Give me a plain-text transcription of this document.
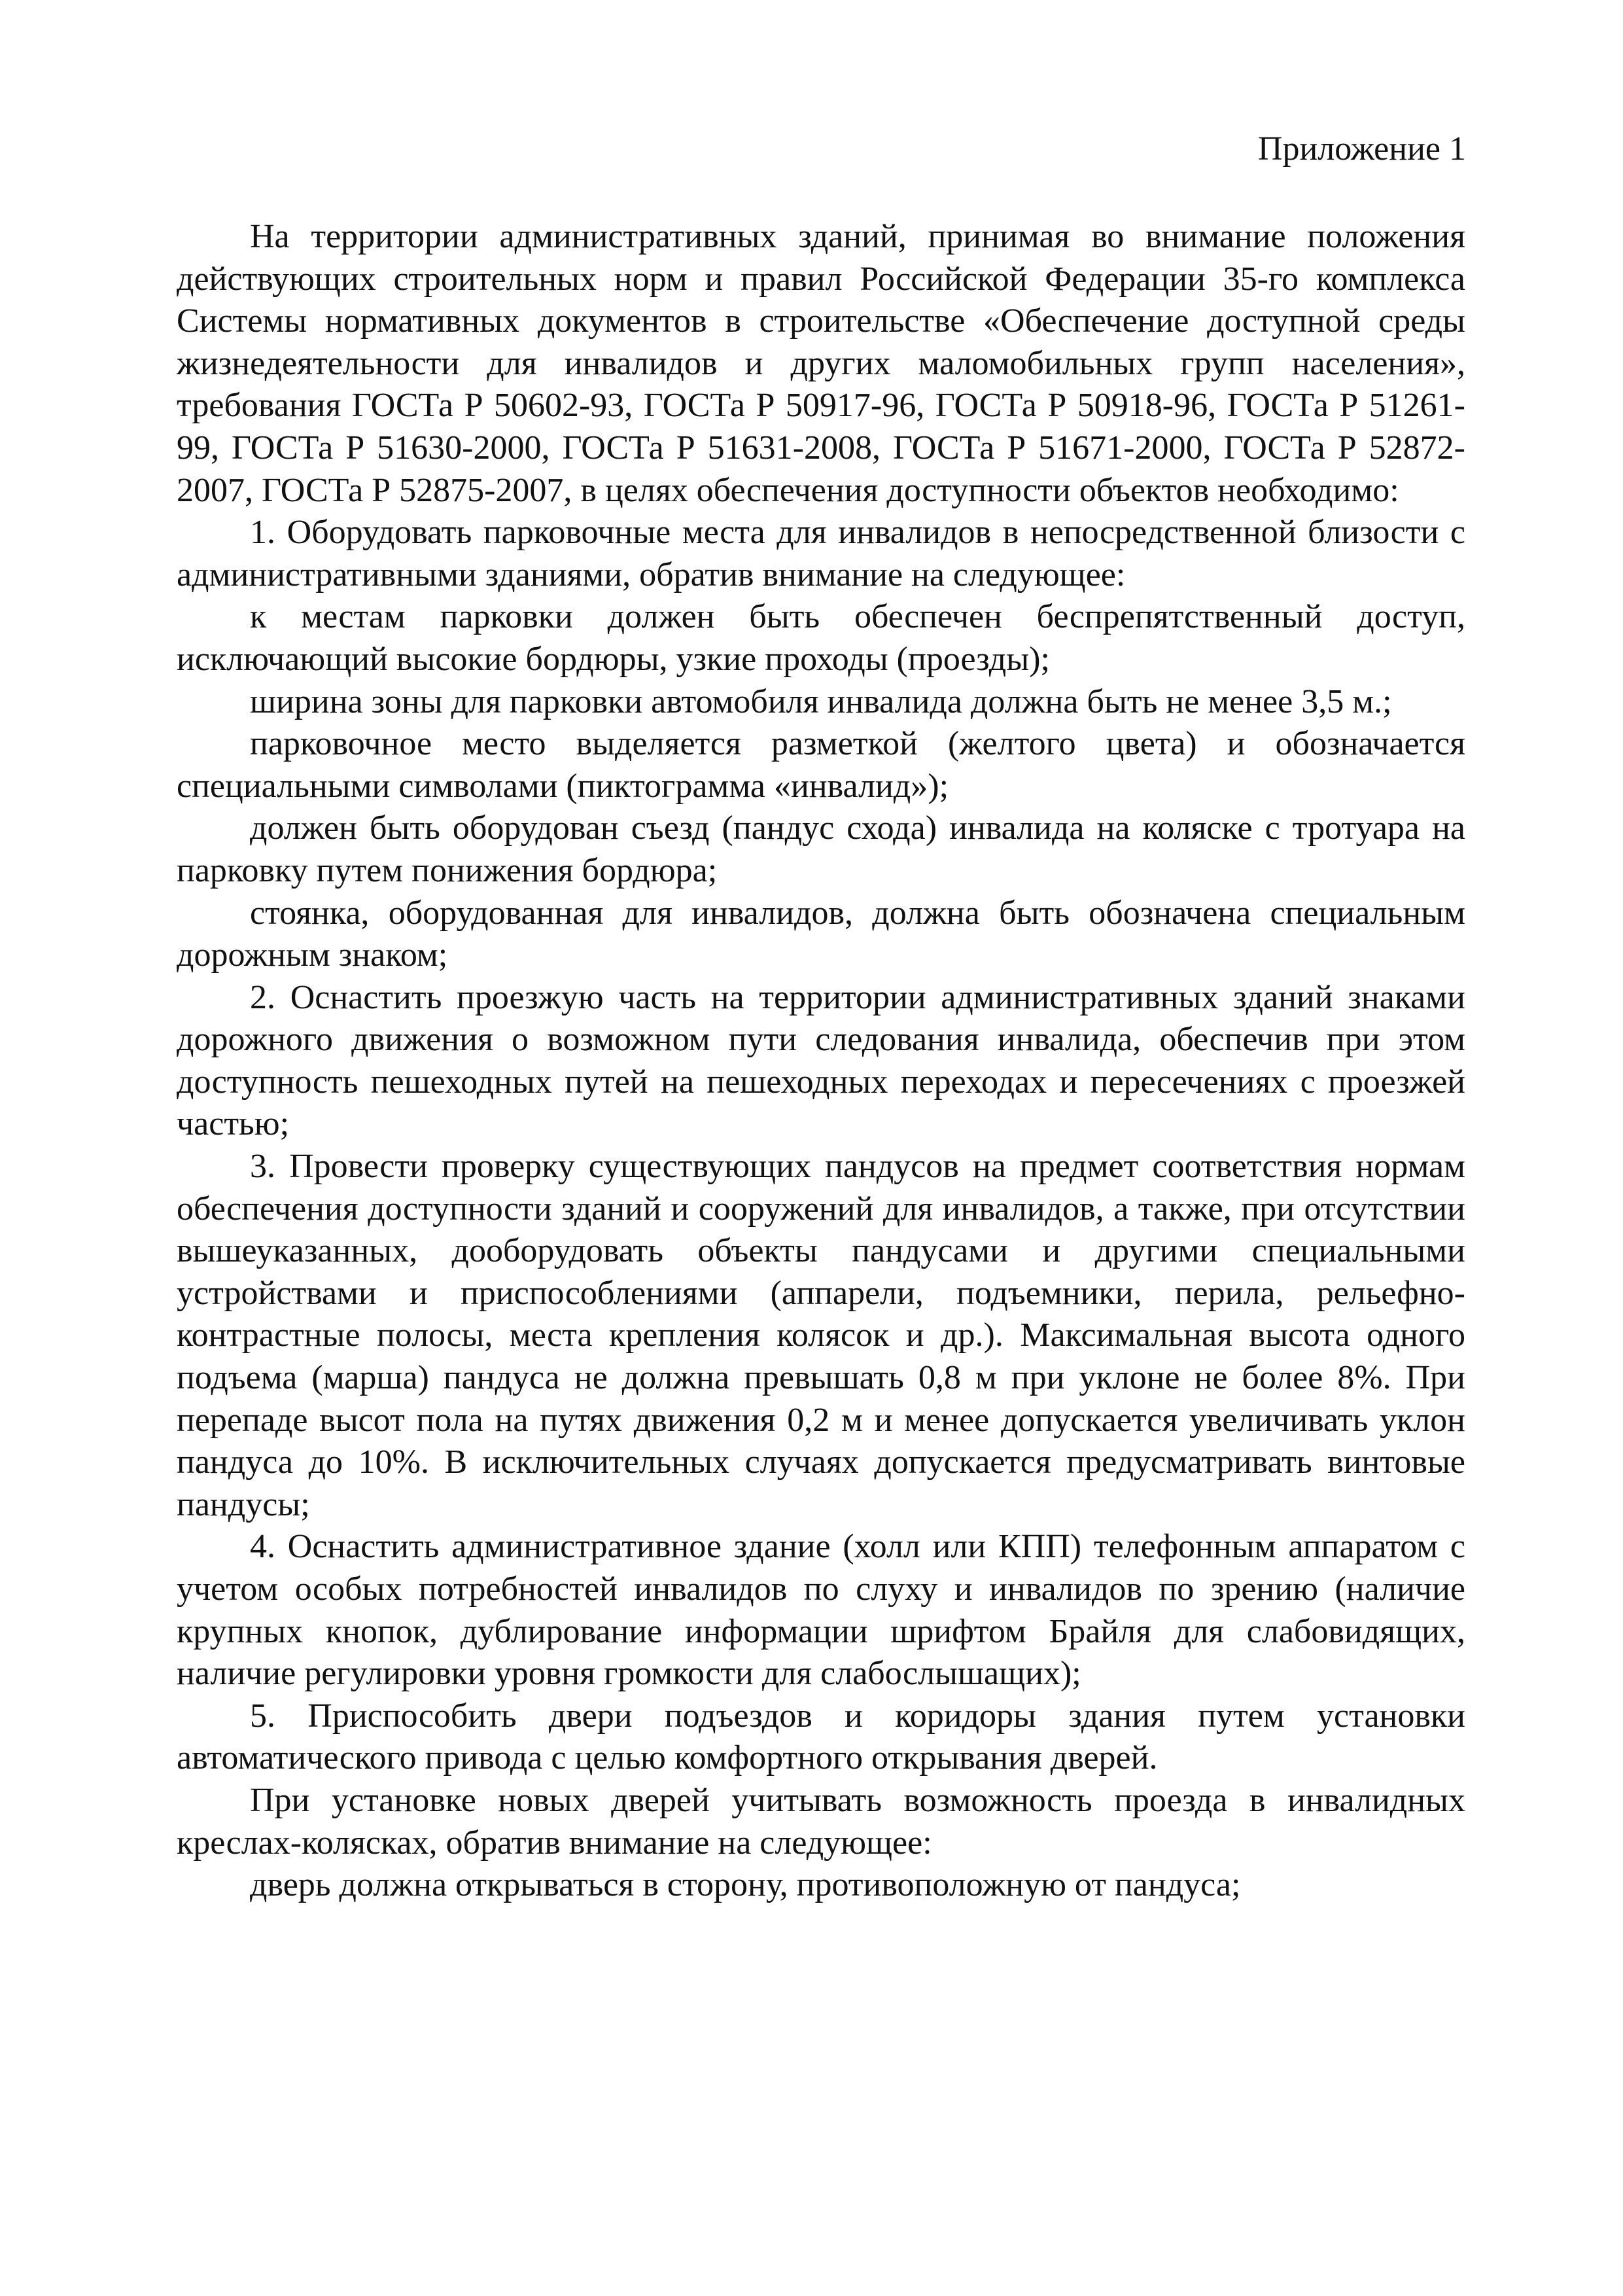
Приложение 1

На территории административных зданий, принимая во внимание положения действующих строительных норм и правил Российской Федерации 35-го комплекса Системы нормативных документов в строительстве «Обеспечение доступной среды жизнедеятельности для инвалидов и других маломобильных групп населения», требования ГОСТа Р 50602-93, ГОСТа Р 50917-96, ГОСТа Р 50918-96, ГОСТа Р 51261-99, ГОСТа Р 51630-2000, ГОСТа Р 51631-2008, ГОСТа Р 51671-2000, ГОСТа Р 52872-2007, ГОСТа Р 52875-2007, в целях обеспечения доступности объектов необходимо:

1. Оборудовать парковочные места для инвалидов в непосредственной близости с административными зданиями, обратив внимание на следующее:

к местам парковки должен быть обеспечен беспрепятственный доступ, исключающий высокие бордюры, узкие проходы (проезды);

ширина зоны для парковки автомобиля инвалида должна быть не менее 3,5 м.;

парковочное место выделяется разметкой (желтого цвета) и обозначается специальными символами (пиктограмма «инвалид»);

должен быть оборудован съезд (пандус схода) инвалида на коляске с тротуара на парковку путем понижения бордюра;

стоянка, оборудованная для инвалидов, должна быть обозначена специальным дорожным знаком;

2. Оснастить проезжую часть на территории административных зданий знаками дорожного движения о возможном пути следования инвалида, обеспечив при этом доступность пешеходных путей на пешеходных переходах и пересечениях с проезжей частью;

3. Провести проверку существующих пандусов на предмет соответствия нормам обеспечения доступности зданий и сооружений для инвалидов, а также, при отсутствии вышеуказанных, дооборудовать объекты пандусами и другими специальными устройствами и приспособлениями (аппарели, подъемники, перила, рельефно-контрастные полосы, места крепления колясок и др.). Максимальная высота одного подъема (марша) пандуса не должна превышать 0,8 м при уклоне не более 8%. При перепаде высот пола на путях движения 0,2 м и менее допускается увеличивать уклон пандуса до 10%. В исключительных случаях допускается предусматривать винтовые пандусы;

4. Оснастить административное здание (холл или КПП) телефонным аппаратом с учетом особых потребностей инвалидов по слуху и инвалидов по зрению (наличие крупных кнопок, дублирование информации шрифтом Брайля для слабовидящих, наличие регулировки уровня громкости для слабослышащих);

5. Приспособить двери подъездов и коридоры здания путем установки автоматического привода с целью комфортного открывания дверей.

При установке новых дверей учитывать возможность проезда в инвалидных креслах-колясках, обратив внимание на следующее:

дверь должна открываться в сторону, противоположную от пандуса;
